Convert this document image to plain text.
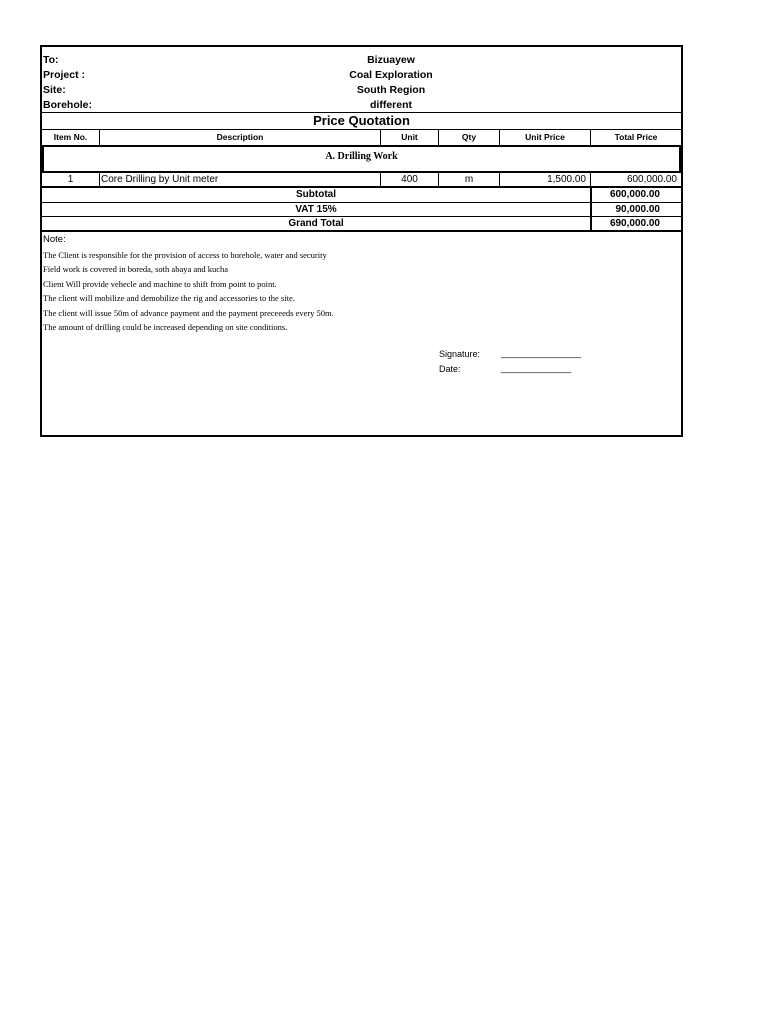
To:	Bizuayew
Project :	Coal Exploration
Site:	South Region
Borehole:	different
Price Quotation
Item No.	Description	Unit	Qty	Unit Price	Total Price
A. Drilling Work
1	Core Drilling by Unit meter	400	m	1,500.00	600,000.00
Subtotal	600,000.00
VAT 15%	90,000.00
Grand Total	690,000.00
Note:
The Client is responsible for the provision of access to borehole, water and security
Field work is covered in boreda, soth abaya and kucha
Client Will provide vehecle and machine to shift from point to point.
The client will mobilize and demobilize the rig and accessories to the site.
The client will issue 50m of advance payment and the payment preceeeds every 50m.
The amount of drilling could be increased depending on site conditions.
Signature: ________________
Date:	______________
